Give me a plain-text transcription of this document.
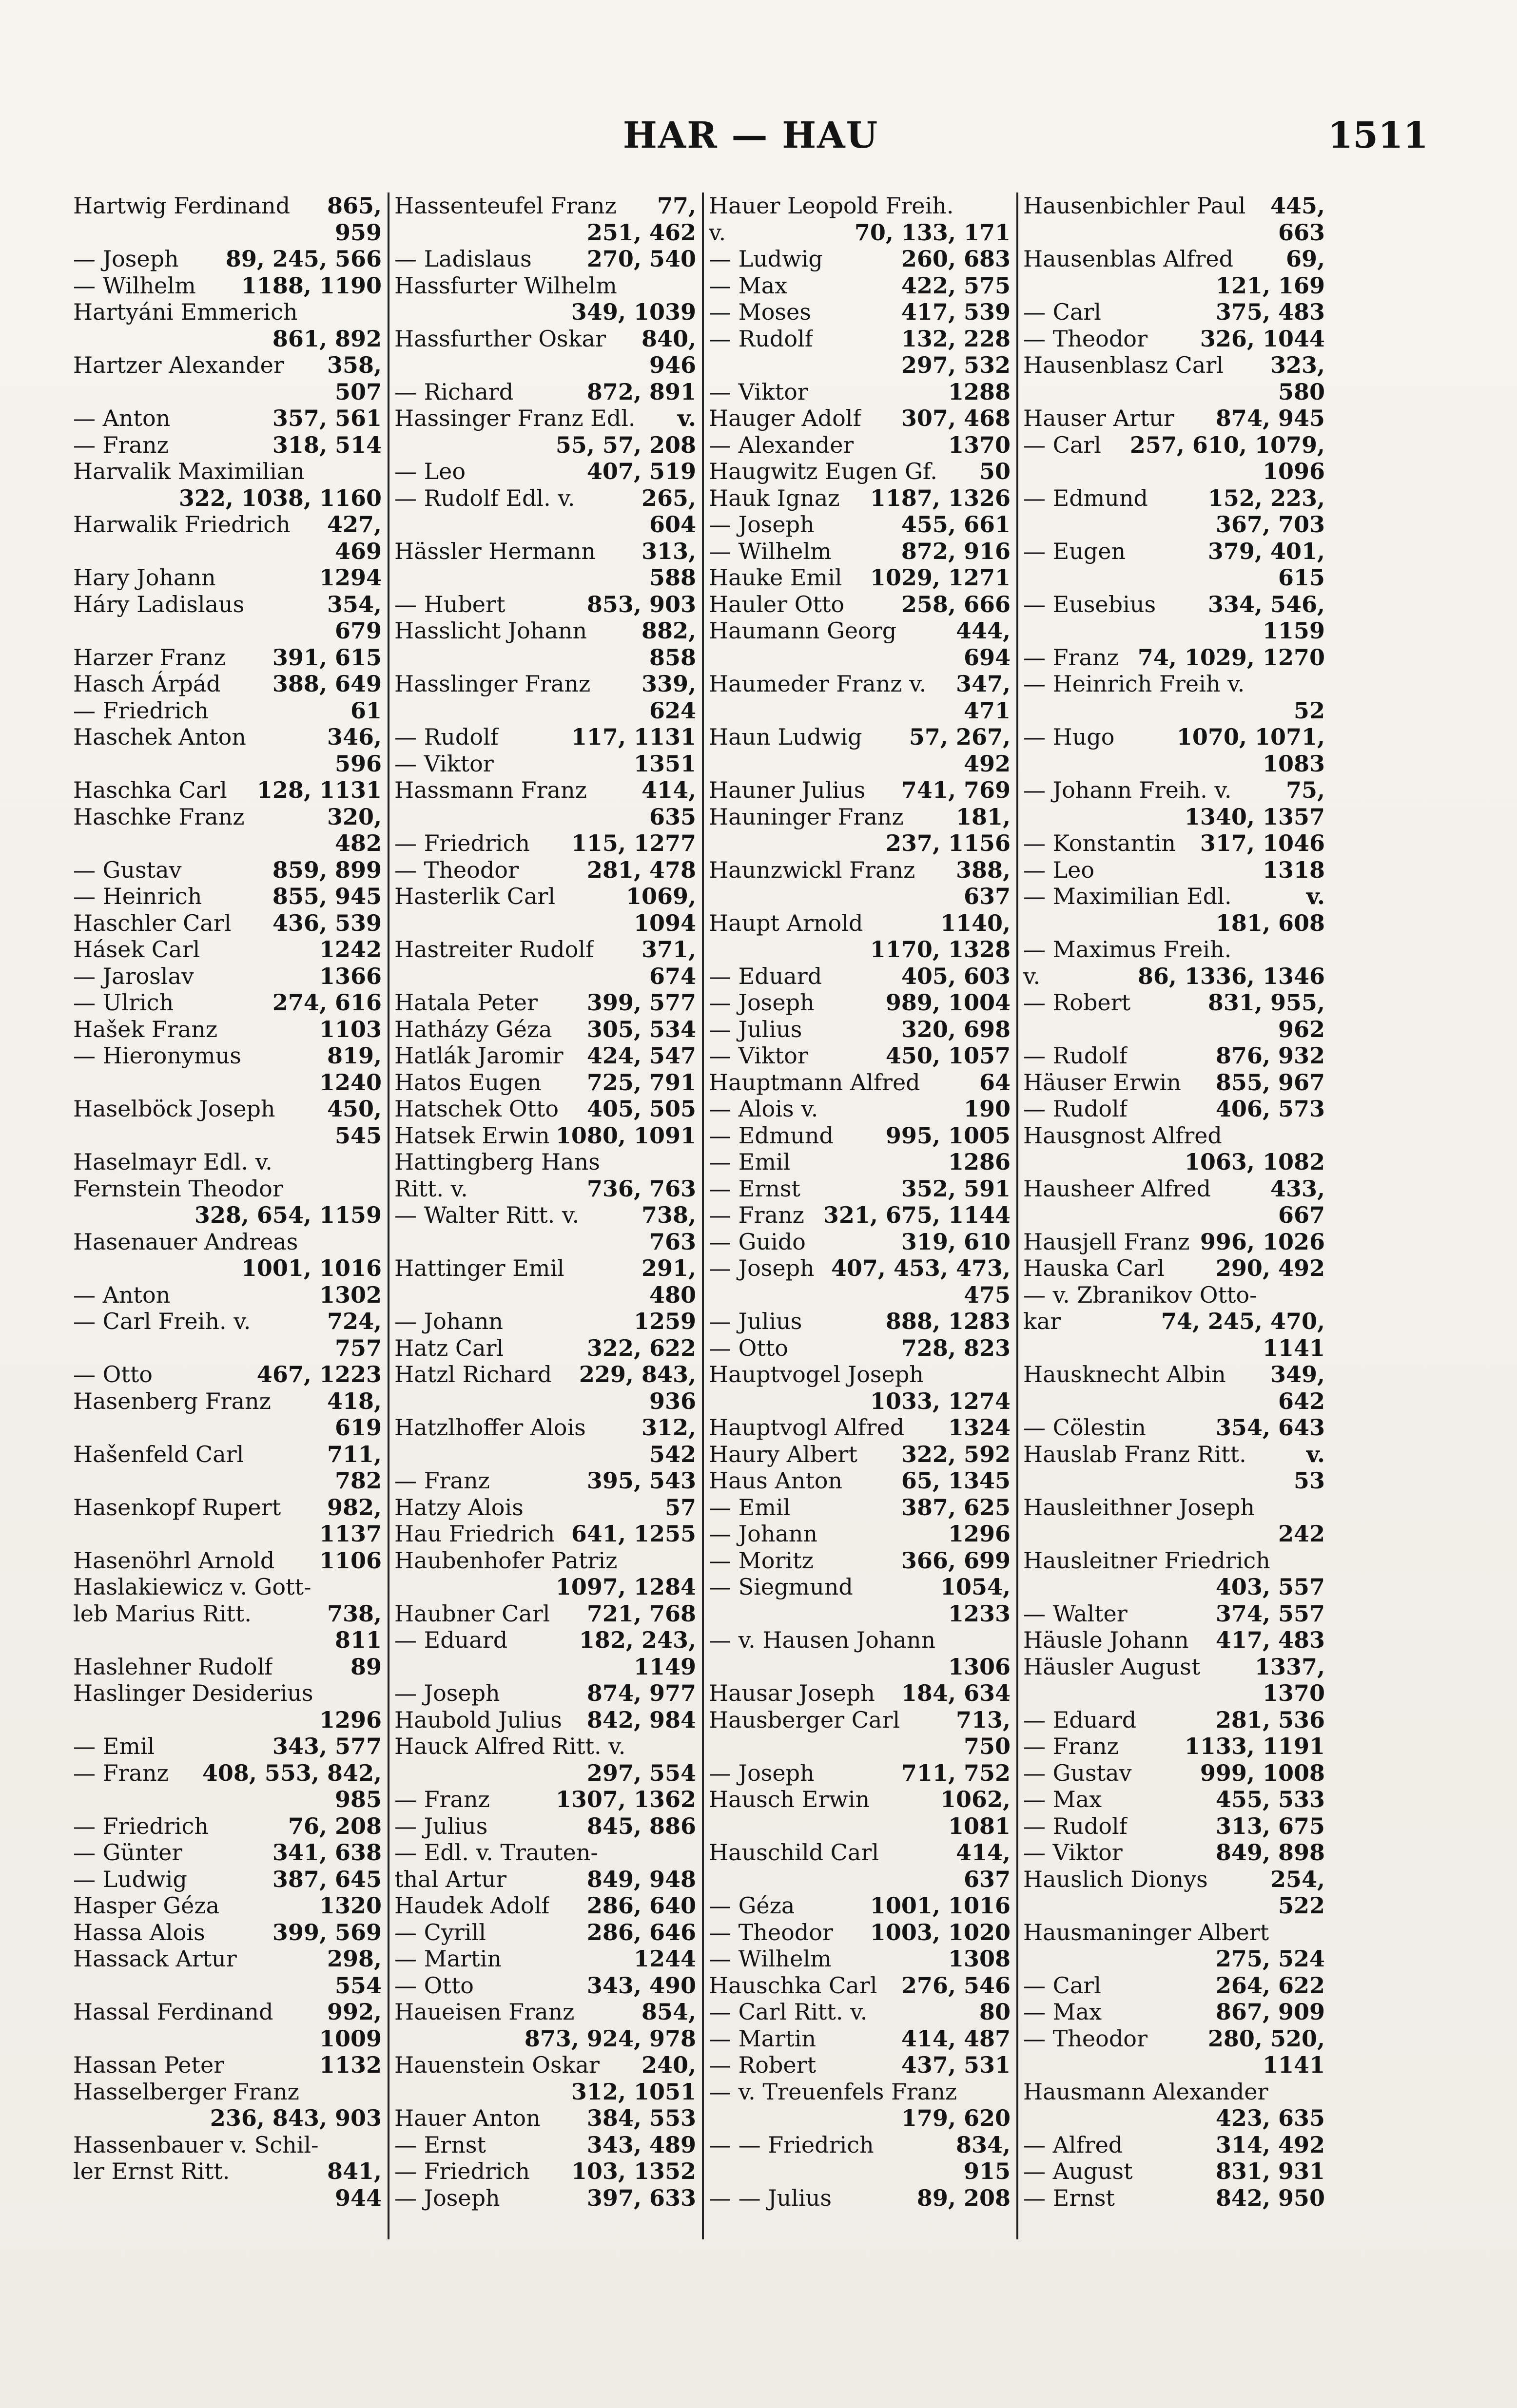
HAR — HAU	1511
Hartwig Ferdinand 865,
959
— Joseph 89, 245, 566
— Wilhelm 1188, 1190
Hartyáni Emmerich
861, 892
Hartzer Alexander 358,
507
— Anton	357, 561
— Franz	318, 514
Harvalik Maximilian
322, 1038, 1160
Harwalik Friedrich 427,
469
Hary Johann	1294
Háry Ladislaus	354,
679
Harzer Franz 391, 615
Hasch Árpád 388, 649
— Friedrich	61
Haschek Anton	346,
596
Haschka Carl 128, 1131
Haschke Franz	320,
482
— Gustav	859, 899
— Heinrich	855, 945
Haschler Carl 436, 539
Hásek Carl	1242
— Jaroslav	1366
— Ulrich	274, 616
Hašek Franz	1103
— Hieronymus	819,
1240
Haselböck Joseph 450,
545
Haselmayr Edl. v.
Fernstein Theodor
328, 654, 1159
Hasenauer Andreas
1001, 1016
— Anton	1302
— Carl Freih. v.	724,
757
— Otto	467, 1223
Hasenberg Franz	418,
619
Hašenfeld Carl	711,
782
Hasenkopf Rupert 982,
1137
Hasenöhrl Arnold 1106
Haslakiewicz v. Gott-
leb Marius Ritt.	738,
811
Haslehner Rudolf	89
Haslinger Desiderius
1296
— Emil	343, 577
— Franz 408, 553, 842,
985
— Friedrich	76, 208
— Günter	341, 638
— Ludwig	387, 645
Hasper Géza	1320
Hassa Alois	399, 569
Hassack Artur	298,
554
Hassal Ferdinand 992,
1009
Hassan Peter	1132
Hasselberger Franz
236, 843, 903
Hassenbauer v. Schil-
ler Ernst Ritt.	841,
944
Hassenteufel Franz 77,
251, 462
— Ladislaus 270, 540
Hassfurter Wilhelm
349, 1039
Hassfurther Oskar 840,
946
— Richard	872, 891
Hassinger Franz Edl. v.
55, 57, 208
— Leo	407, 519
— Rudolf Edl. v.	265,
604
Hässler Hermann 313,
588
— Hubert	853, 903
Hasslicht Johann 882,
858
Hasslinger Franz 339,
624
— Rudolf	117, 1131
— Viktor	1351
Hassmann Franz 414,
635
— Friedrich 115, 1277
— Theodor	281, 478
Hasterlik Carl	1069,
1094
Hastreiter Rudolf 371,
674
Hatala Peter 399, 577
Hatházy Géza 305, 534
Hatlák Jaromir 424, 547
Hatos Eugen 725, 791
Hatschek Otto 405, 505
Hatsek Erwin 1080, 1091
Hattingberg Hans
Ritt. v.	736, 763
— Walter Ritt. v.	738,
763
Hattinger Emil	291,
480
— Johann	1259
Hatz Carl	322, 622
Hatzl Richard 229, 843,
936
Hatzlhoffer Alois 312,
542
— Franz	395, 543
Hatzy Alois	57
Hau Friedrich 641, 1255
Haubenhofer Patriz
1097, 1284
Haubner Carl 721, 768
— Eduard	182, 243,
1149
— Joseph	874, 977
Haubold Julius 842, 984
Hauck Alfred Ritt. v.
297, 554
— Franz	1307, 1362
— Julius	845, 886
— Edl. v. Trauten-
thal Artur	849, 948
Haudek Adolf 286, 640
— Cyrill	286, 646
— Martin	1244
— Otto	343, 490
Haueisen Franz	854,
873, 924, 978
Hauenstein Oskar 240,
312, 1051
Hauer Anton 384, 553
— Ernst	343, 489
— Friedrich 103, 1352
— Joseph	397, 633
Hauer Leopold Freih.
v.	70, 133, 171
— Ludwig	260, 683
— Max	422, 575
— Moses	417, 539
— Rudolf	132, 228
297, 532
— Viktor	1288
Hauger Adolf 307, 468
— Alexander	1370
Haugwitz Eugen Gf. 50
Hauk Ignaz 1187, 1326
— Joseph	455, 661
— Wilhelm	872, 916
Hauke Emil 1029, 1271
Hauler Otto	258, 666
Haumann Georg	444,
694
Haumeder Franz v. 347,
471
Haun Ludwig 57, 267,
492
Hauner Julius 741, 769
Hauninger Franz 181,
237, 1156
Haunzwickl Franz 388,
637
Haupt Arnold	1140,
1170, 1328
— Eduard	405, 603
— Joseph	989, 1004
— Julius	320, 698
— Viktor	450, 1057
Hauptmann Alfred	64
— Alois v.	190
— Edmund 995, 1005
— Emil	1286
— Ernst	352, 591
— Franz 321, 675, 1144
— Guido	319, 610
— Joseph 407, 453, 473,
475
— Julius	888, 1283
— Otto	728, 823
Hauptvogel Joseph
1033, 1274
Hauptvogl Alfred 1324
Haury Albert 322, 592
Haus Anton	65, 1345
— Emil	387, 625
— Johann	1296
— Moritz	366, 699
— Siegmund	1054,
1233
— v. Hausen Johann
1306
Hausar Joseph 184, 634
Hausberger Carl 713,
750
— Joseph	711, 752
Hausch Erwin	1062,
1081
Hauschild Carl	414,
637
— Géza	1001, 1016
— Theodor 1003, 1020
— Wilhelm	1308
Hauschka Carl 276, 546
— Carl Ritt. v.	80
— Martin	414, 487
— Robert	437, 531
— v. Treuenfels Franz
179, 620
— — Friedrich	834,
915
— — Julius	89, 208
Hausenbichler Paul 445,
663
Hausenblas Alfred 69,
121, 169
— Carl	375, 483
— Theodor 326, 1044
Hausenblasz Carl 323,
580
Hauser Artur 874, 945
— Carl 257, 610, 1079,
1096
— Edmund	152, 223,
367, 703
— Eugen	379, 401,
615
— Eusebius 334, 546,
1159
— Franz 74, 1029, 1270
— Heinrich Freih v.
52
— Hugo	1070, 1071,
1083
— Johann Freih. v. 75,
1340, 1357
— Konstantin 317, 1046
— Leo	1318
— Maximilian Edl.	v.
181, 608
— Maximus Freih.
v.	86, 1336, 1346
— Robert	831, 955,
962
— Rudolf	876, 932
Häuser Erwin 855, 967
— Rudolf	406, 573
Hausgnost Alfred
1063, 1082
Hausheer Alfred	433,
667
Hausjell Franz 996, 1026
Hauska Carl 290, 492
— v. Zbranikov Otto-
kar	74, 245, 470,
1141
Hausknecht Albin 349,
642
— Cölestin	354, 643
Hauslab Franz Ritt.	v.
53
Hausleithner Joseph
242
Hausleitner Friedrich
403, 557
— Walter	374, 557
Häusle Johann 417, 483
Häusler August 1337,
1370
— Eduard	281, 536
— Franz	1133, 1191
— Gustav	999, 1008
— Max	455, 533
— Rudolf	313, 675
— Viktor	849, 898
Hauslich Dionys	254,
522
Hausmaninger Albert
275, 524
— Carl	264, 622
— Max	867, 909
— Theodor	280, 520,
1141
Hausmann Alexander
423, 635
— Alfred	314, 492
— August	831, 931
— Ernst	842, 950
